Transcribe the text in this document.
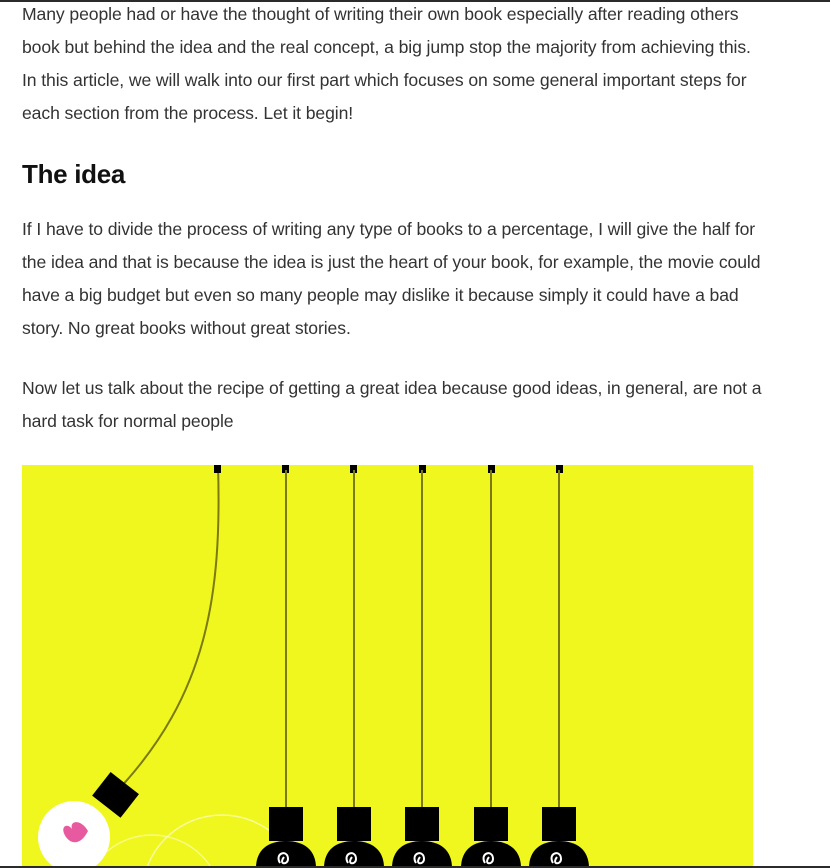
Many people had or have the thought of writing their own book especially after reading others book but behind the idea and the real concept, a big jump stop the majority from achieving this. In this article, we will walk into our first part which focuses on some general important steps for each section from the process. Let it begin!

The idea

If I have to divide the process of writing any type of books to a percentage, I will give the half for the idea and that is because the idea is just the heart of your book, for example, the movie could have a big budget but even so many people may dislike it because simply it could have a bad story. No great books without great stories.

Now let us talk about the recipe of getting a great idea because good ideas, in general, are not a hard task for normal people
